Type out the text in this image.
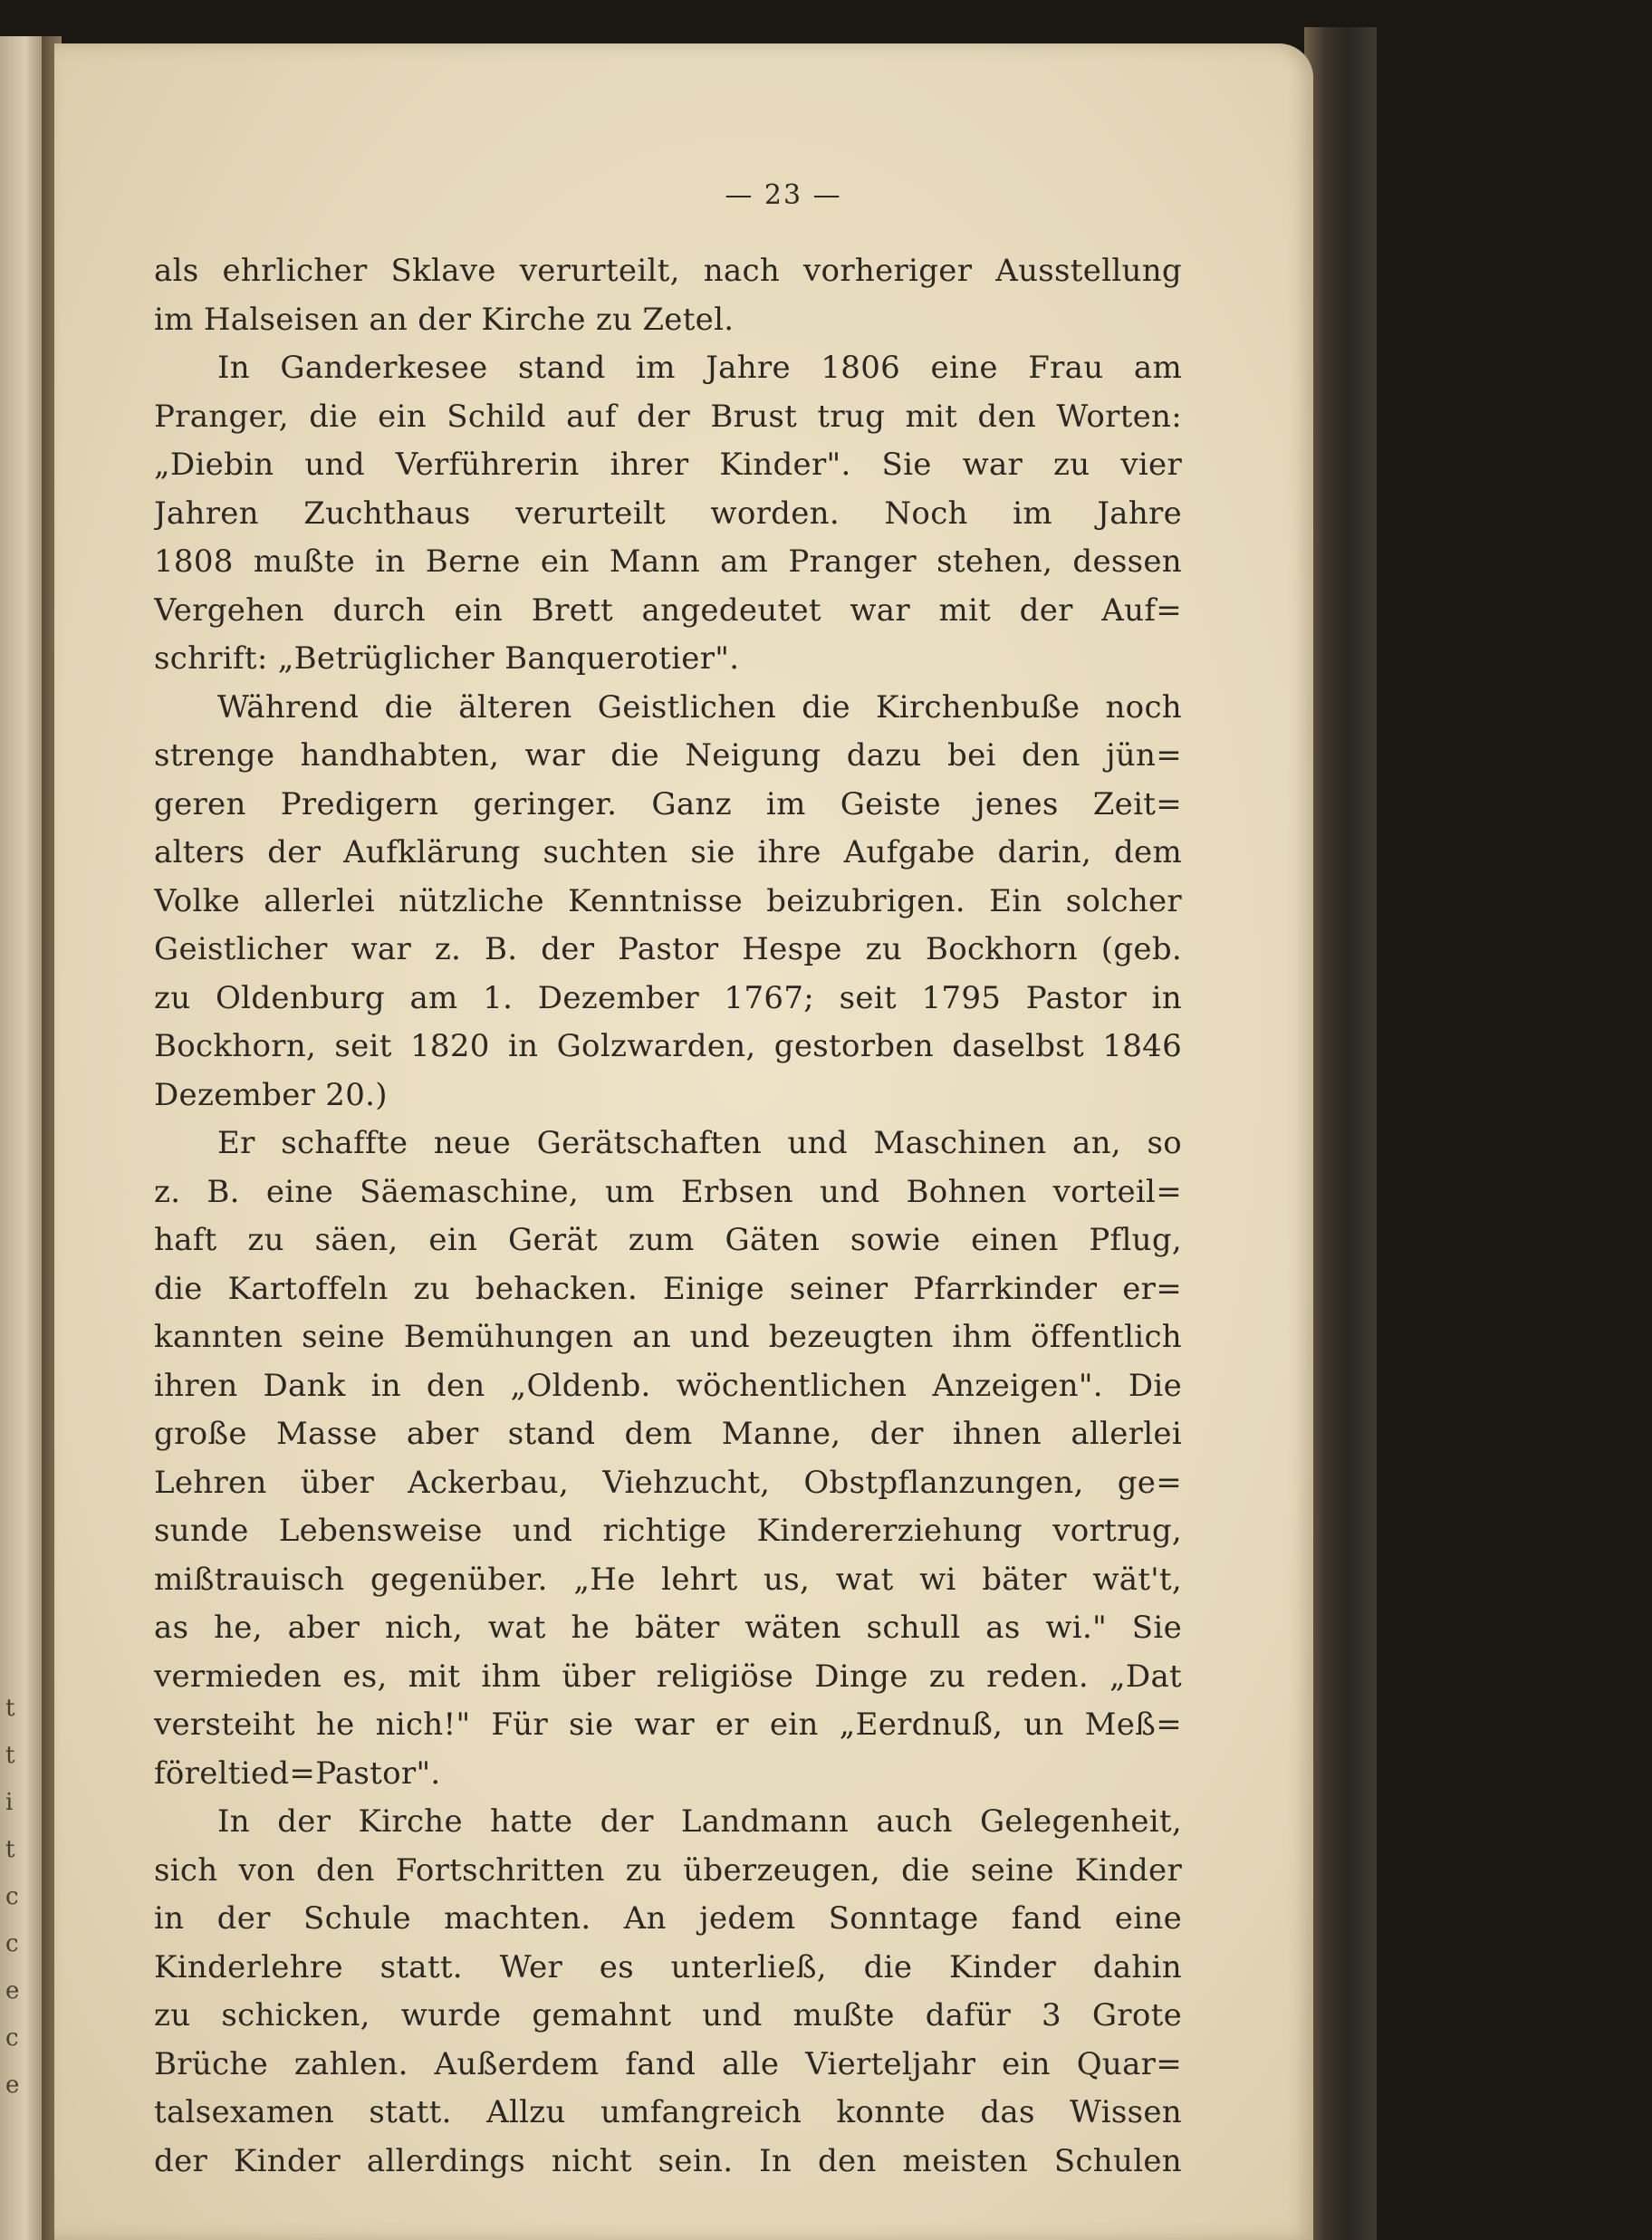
t
t
i
t
c
c
e
c
e
— 23 —
als ehrlicher Sklave verurteilt, nach vorheriger Ausstellung
im Halseisen an der Kirche zu Zetel.
In Ganderkesee stand im Jahre 1806 eine Frau am
Pranger, die ein Schild auf der Brust trug mit den Worten:
„Diebin und Verführerin ihrer Kinder". Sie war zu vier
Jahren Zuchthaus verurteilt worden. Noch im Jahre
1808 mußte in Berne ein Mann am Pranger stehen, dessen
Vergehen durch ein Brett angedeutet war mit der Auf=
schrift: „Betrüglicher Banquerotier".
Während die älteren Geistlichen die Kirchenbuße noch
strenge handhabten, war die Neigung dazu bei den jün=
geren Predigern geringer. Ganz im Geiste jenes Zeit=
alters der Aufklärung suchten sie ihre Aufgabe darin, dem
Volke allerlei nützliche Kenntnisse beizubrigen. Ein solcher
Geistlicher war z. B. der Pastor Hespe zu Bockhorn (geb.
zu Oldenburg am 1. Dezember 1767; seit 1795 Pastor in
Bockhorn, seit 1820 in Golzwarden, gestorben daselbst 1846
Dezember 20.)
Er schaffte neue Gerätschaften und Maschinen an, so
z. B. eine Säemaschine, um Erbsen und Bohnen vorteil=
haft zu säen, ein Gerät zum Gäten sowie einen Pflug,
die Kartoffeln zu behacken. Einige seiner Pfarrkinder er=
kannten seine Bemühungen an und bezeugten ihm öffentlich
ihren Dank in den „Oldenb. wöchentlichen Anzeigen". Die
große Masse aber stand dem Manne, der ihnen allerlei
Lehren über Ackerbau, Viehzucht, Obstpflanzungen, ge=
sunde Lebensweise und richtige Kindererziehung vortrug,
mißtrauisch gegenüber. „He lehrt us, wat wi bäter wät't,
as he, aber nich, wat he bäter wäten schull as wi." Sie
vermieden es, mit ihm über religiöse Dinge zu reden. „Dat
versteiht he nich!" Für sie war er ein „Eerdnuß, un Meß=
föreltied=Pastor".
In der Kirche hatte der Landmann auch Gelegenheit,
sich von den Fortschritten zu überzeugen, die seine Kinder
in der Schule machten. An jedem Sonntage fand eine
Kinderlehre statt. Wer es unterließ, die Kinder dahin
zu schicken, wurde gemahnt und mußte dafür 3 Grote
Brüche zahlen. Außerdem fand alle Vierteljahr ein Quar=
talsexamen statt. Allzu umfangreich konnte das Wissen
der Kinder allerdings nicht sein. In den meisten Schulen
